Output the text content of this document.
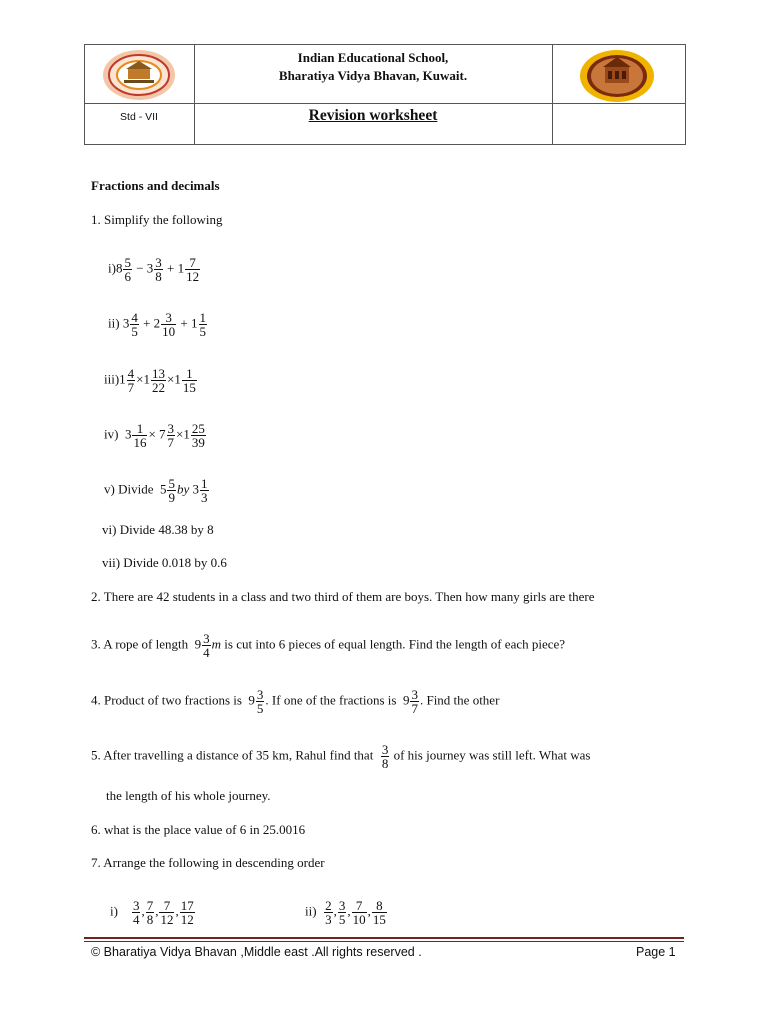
Indian Educational School,
Bharatiya Vidya Bhavan, Kuwait.
Std - VII	Revision worksheet
Fractions and decimals
1. Simplify the following
$i)8 \frac{5}{6} - 3 \frac{3}{8} + 1 \frac{7}{12}$
ii) $3 \frac{4}{5} + 2 \frac{3}{10} + 1 \frac{1}{5}$
$iii)1 \frac{4}{7} \times 1 \frac{13}{22} \times 1 \frac{1}{15}$
iv)  $3 \frac{1}{16} \times 7 \frac{3}{7} \times 1 \frac{25}{39}$
v) Divide  $5 \frac{5}{9}$ by $3 \frac{1}{3}$
vi) Divide 48.38 by 8
vii) Divide 0.018 by 0.6
2. There are 42 students in a class and two third of them are boys. Then how many girls are there
3. A rope of length  $9 \frac{3}{4}$ m is cut into 6 pieces of equal length. Find the length of each piece?
4. Product of two fractions is  $9 \frac{3}{5}$ . If one of the fractions is  $9 \frac{3}{7}$ . Find the other
5. After travelling a distance of 35 km, Rahul find that $\frac{3}{8}$ of his journey was still left. What was
the length of his whole journey.
6. what is the place value of 6 in 25.0016
7. Arrange the following in descending order
$i) \frac{3}{4}$ , $\frac{7}{8}$ , $\frac{7}{12}$ , $\frac{17}{12}$	$ii) \frac{2}{3}$ , $\frac{3}{5}$ , $\frac{7}{10}$ , $\frac{8}{15}$
© Bharatiya Vidya Bhavan ,Middle east .All rights reserved .	Page 1
